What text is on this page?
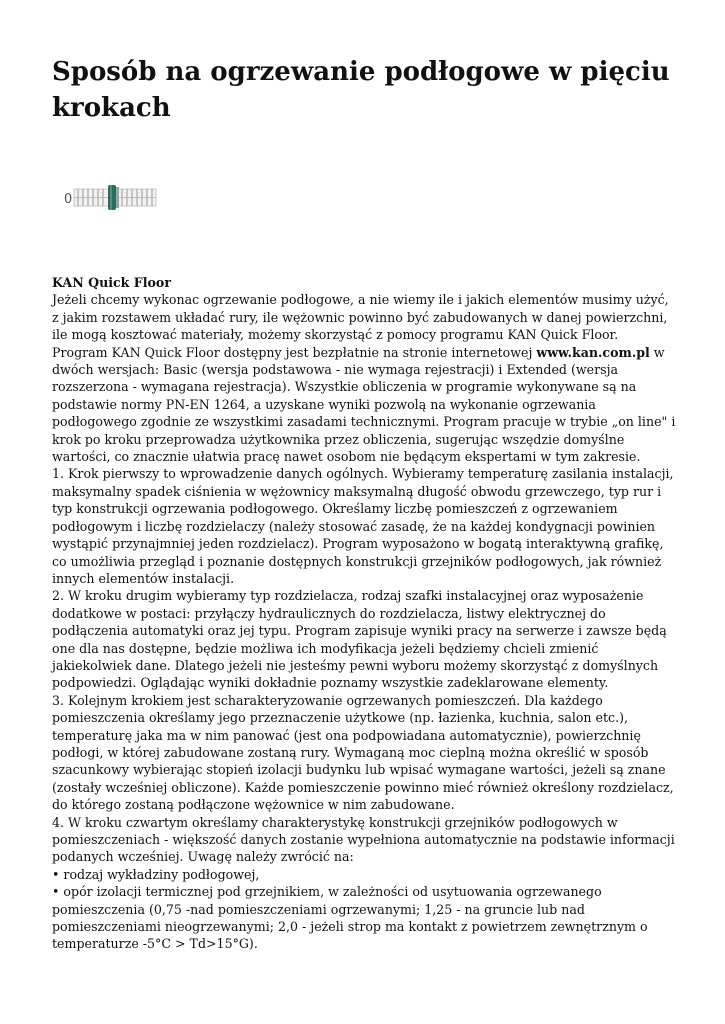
Sposób na ogrzewanie podłogowe w pięciu krokach
0

KAN Quick Floor

Jeżeli chcemy wykonac ogrzewanie podłogowe, a nie wiemy ile i jakich elementów musimy użyć, z jakim rozstawem układać rury, ile wężownic powinno być zabudowanych w danej powierzchni, ile mogą kosztować materiały, możemy skorzystąć z pomocy programu KAN Quick Floor.

Program KAN Quick Floor dostępny jest bezpłatnie na stronie internetowej www.kan.com.pl w dwóch wersjach: Basic (wersja podstawowa - nie wymaga rejestracji) i Extended (wersja rozszerzona - wymagana rejestracja). Wszystkie obliczenia w programie wykonywane są na podstawie normy PN-EN 1264, a uzyskane wyniki pozwolą na wykonanie ogrzewania podłogowego zgodnie ze wszystkimi zasadami technicznymi. Program pracuje w trybie „on line" i krok po kroku przeprowadza użytkownika przez obliczenia, sugerując wszędzie domyślne wartości, co znacznie ułatwia pracę nawet osobom nie będącym ekspertami w tym zakresie.

1. Krok pierwszy to wprowadzenie danych ogólnych. Wybieramy temperaturę zasilania instalacji, maksymalny spadek ciśnienia w wężownicy maksymalną długość obwodu grzewczego, typ rur i typ konstrukcji ogrzewania podłogowego. Określamy liczbę pomieszczeń z ogrzewaniem podłogowym i liczbę rozdzielaczy (należy stosować zasadę, że na każdej kondygnacji powinien wystąpić przynajmniej jeden rozdzielacz). Program wyposażono w bogatą interaktywną grafikę, co umożliwia przegląd i poznanie dostępnych konstrukcji grzejników podłogowych, jak również innych elementów instalacji.

2. W kroku drugim wybieramy typ rozdzielacza, rodzaj szafki instalacyjnej oraz wyposażenie dodatkowe w postaci: przyłączy hydraulicznych do rozdzielacza, listwy elektrycznej do podłączenia automatyki oraz jej typu. Program zapisuje wyniki pracy na serwerze i zawsze będą one dla nas dostępne, będzie możliwa ich modyfikacja jeżeli będziemy chcieli zmienić jakiekolwiek dane. Dlatego jeżeli nie jesteśmy pewni wyboru możemy skorzystąć z domyślnych podpowiedzi. Oglądając wyniki dokładnie poznamy wszystkie zadeklarowane elementy.

3. Kolejnym krokiem jest scharakteryzowanie ogrzewanych pomieszczeń. Dla każdego pomieszczenia określamy jego przeznaczenie użytkowe (np. łazienka, kuchnia, salon etc.), temperaturę jaka ma w nim panować (jest ona podpowiadana automatycznie), powierzchnię podłogi, w której zabudowane zostaną rury. Wymaganą moc cieplną można określić w sposób szacunkowy wybierając stopień izolacji budynku lub wpisać wymagane wartości, jeżeli są znane (zostały wcześniej obliczone). Każde pomieszczenie powinno mieć również określony rozdzielacz, do którego zostaną podłączone wężownice w nim zabudowane.

4. W kroku czwartym określamy charakterystykę konstrukcji grzejników podłogowych w pomieszczeniach - większość danych zostanie wypełniona automatycznie na podstawie informacji podanych wcześniej. Uwagę należy zwrócić na:

• rodzaj wykładziny podłogowej,

• opór izolacji termicznej pod grzejnikiem, w zależności od usytuowania ogrzewanego pomieszczenia (0,75 -nad pomieszczeniami ogrzewanymi; 1,25 - na gruncie lub nad pomieszczeniami nieogrzewanymi; 2,0 - jeżeli strop ma kontakt z powietrzem zewnętrznym o temperaturze -5°C > Td>15°G).
